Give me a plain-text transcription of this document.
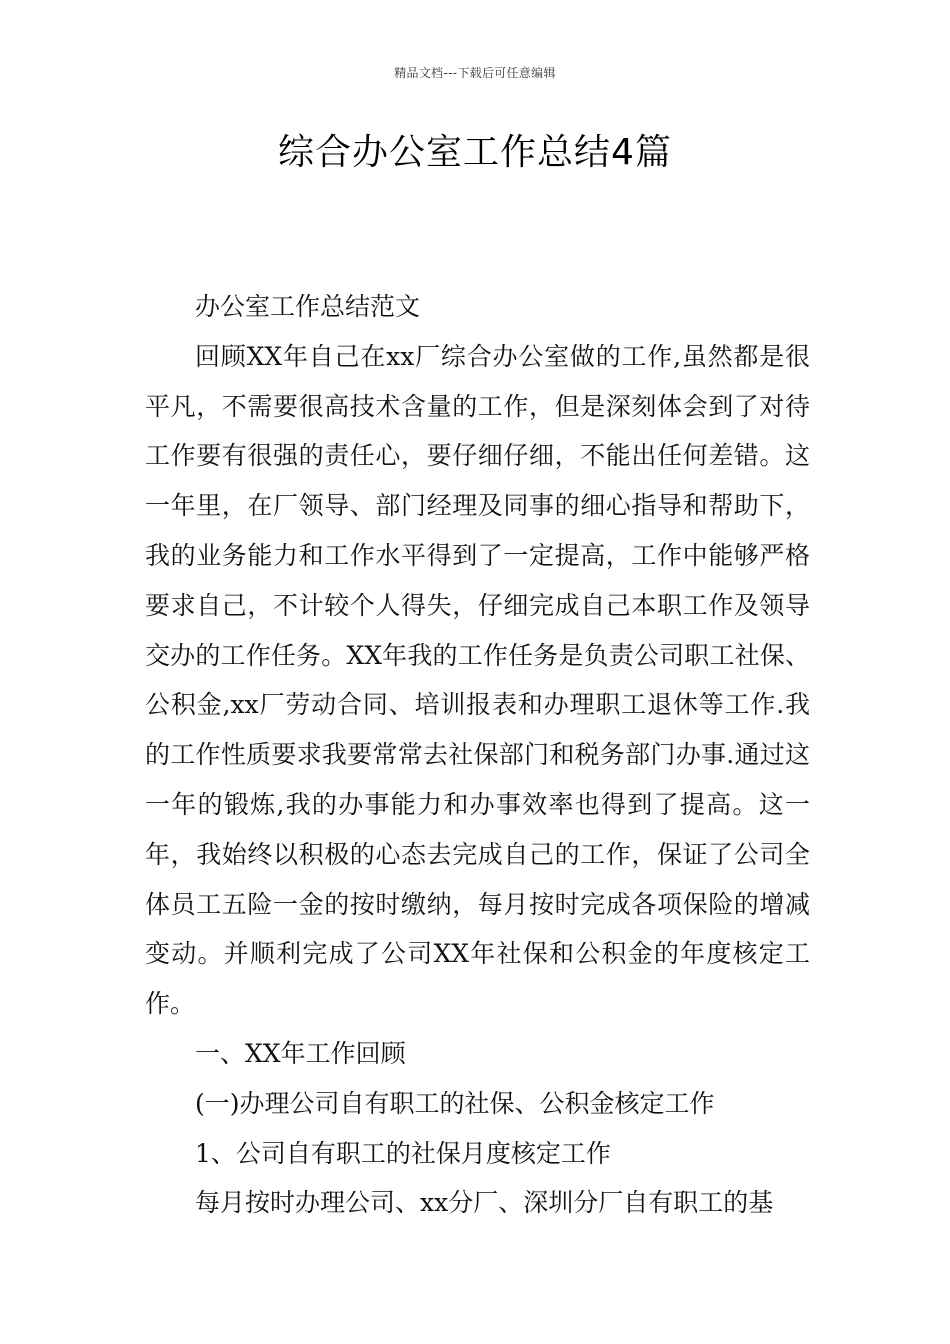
精品文档---下载后可任意编辑
综合办公室工作总结4篇

办公室工作总结范文

回顾XX年自己在xx厂综合办公室做的工作,虽然都是很平凡，不需要很高技术含量的工作，但是深刻体会到了对待工作要有很强的责任心，要仔细仔细，不能出任何差错。这一年里，在厂领导、部门经理及同事的细心指导和帮助下，我的业务能力和工作水平得到了一定提高，工作中能够严格要求自己，不计较个人得失，仔细完成自己本职工作及领导交办的工作任务。XX年我的工作任务是负责公司职工社保、公积金,xx厂劳动合同、培训报表和办理职工退休等工作.我的工作性质要求我要常常去社保部门和税务部门办事.通过这一年的锻炼,我的办事能力和办事效率也得到了提高。这一年，我始终以积极的心态去完成自己的工作，保证了公司全体员工五险一金的按时缴纳，每月按时完成各项保险的增减变动。并顺利完成了公司XX年社保和公积金的年度核定工作。

一、XX年工作回顾

(一)办理公司自有职工的社保、公积金核定工作

1、公司自有职工的社保月度核定工作

每月按时办理公司、xx分厂、深圳分厂自有职工的基
